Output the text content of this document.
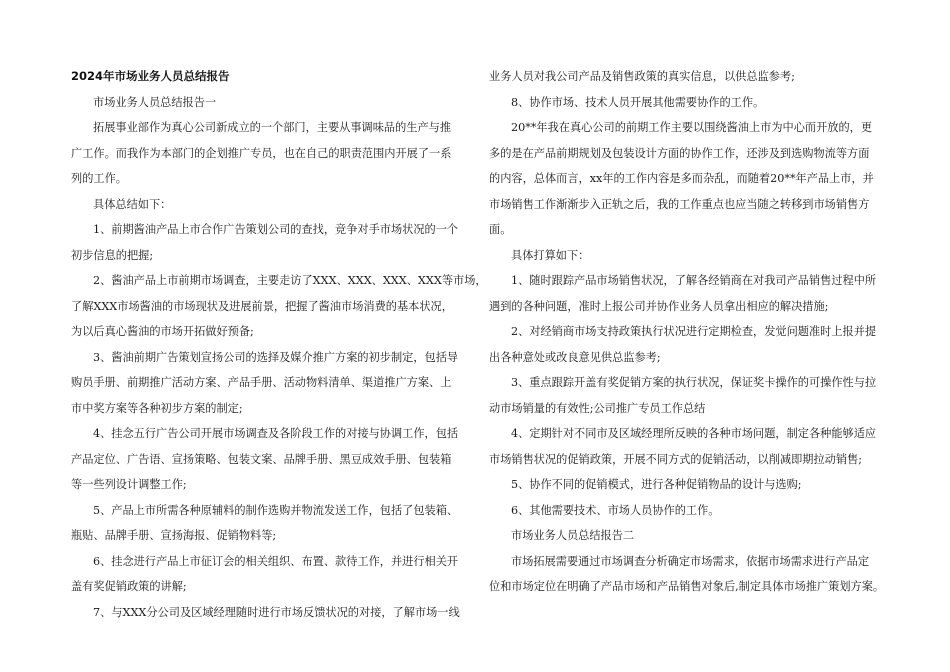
2024年市场业务人员总结报告
市场业务人员总结报告一
拓展事业部作为真心公司新成立的一个部门，主要从事调味品的生产与推
广工作。而我作为本部门的企划推广专员，也在自己的职责范围内开展了一系
列的工作。
具体总结如下：
1、前期酱油产品上市合作广告策划公司的查找，竞争对手市场状况的一个
初步信息的把握;
2、酱油产品上市前期市场调查，主要走访了XXX、XXX、XXX、XXX等市场，
了解XXX市场酱油的市场现状及进展前景，把握了酱油市场消费的基本状况，
为以后真心酱油的市场开拓做好预备;
3、酱油前期广告策划宣扬公司的选择及媒介推广方案的初步制定，包括导
购员手册、前期推广活动方案、产品手册、活动物料清单、渠道推广方案、上
市中奖方案等各种初步方案的制定;
4、挂念五行广告公司开展市场调查及各阶段工作的对接与协调工作，包括
产品定位、广告语、宣扬策略、包装文案、品牌手册、黑豆成效手册、包装箱
等一些列设计调整工作;
5、产品上市所需各种原辅料的制作选购并物流发送工作，包括了包装箱、
瓶贴、品牌手册、宣扬海报、促销物料等;
6、挂念进行产品上市征订会的相关组织、布置、款待工作，并进行相关开
盖有奖促销政策的讲解;
7、与XXX分公司及区域经理随时进行市场反馈状况的对接，了解市场一线
业务人员对我公司产品及销售政策的真实信息，以供总监参考;
8、协作市场、技术人员开展其他需要协作的工作。
20**年我在真心公司的前期工作主要以围绕酱油上市为中心而开放的，更
多的是在产品前期规划及包装设计方面的协作工作，还涉及到选购物流等方面
的内容，总体而言，xx年的工作内容是多而杂乱，而随着20**年产品上市，并
市场销售工作渐渐步入正轨之后，我的工作重点也应当随之转移到市场销售方
面。
具体打算如下：
1、随时跟踪产品市场销售状况，了解各经销商在对我司产品销售过程中所
遇到的各种问题，准时上报公司并协作业务人员拿出相应的解决措施;
2、对经销商市场支持政策执行状况进行定期检查，发觉问题准时上报并提
出各种意处或改良意见供总监参考;
3、重点跟踪开盖有奖促销方案的执行状况，保证奖卡操作的可操作性与拉
动市场销量的有效性;公司推广专员工作总结
4、定期针对不同市及区域经理所反映的各种市场问题，制定各种能够适应
市场销售状况的促销政策，开展不同方式的促销活动，以削减即期拉动销售;
5、协作不同的促销模式，进行各种促销物品的设计与选购;
6、其他需要技术、市场人员协作的工作。
市场业务人员总结报告二
市场拓展需要通过市场调查分析确定市场需求，依据市场需求进行产品定
位和市场定位在明确了产品市场和产品销售对象后,制定具体市场推广策划方案。
